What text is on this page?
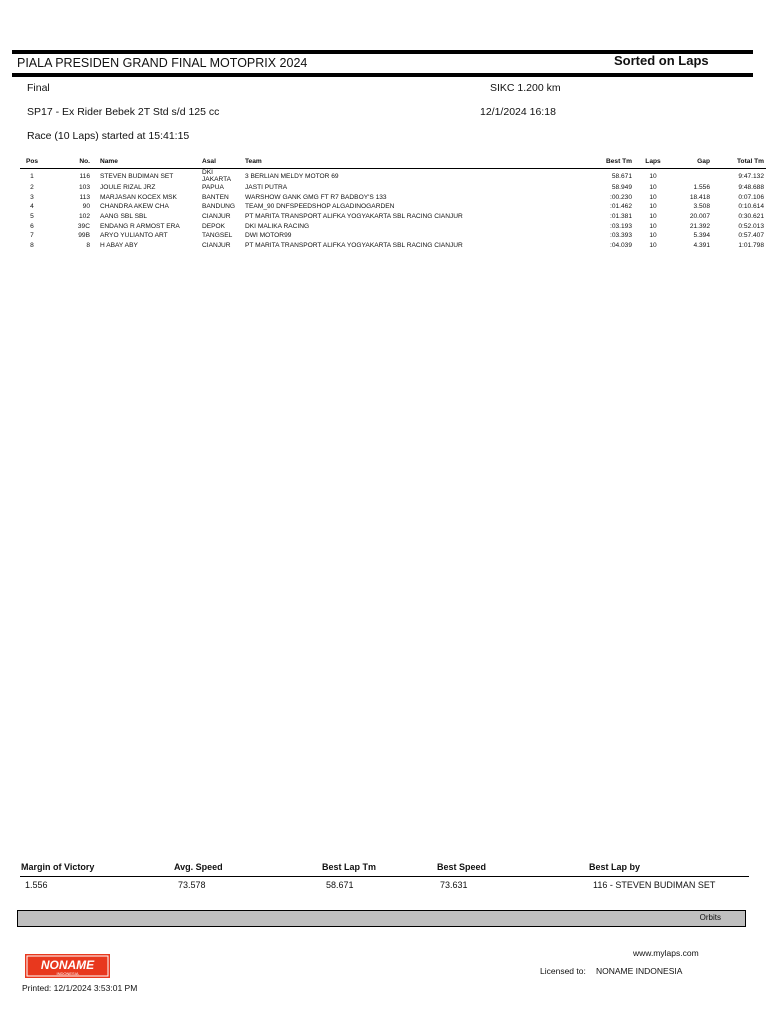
PIALA PRESIDEN GRAND FINAL MOTOPRIX 2024	Sorted on Laps
Final	SIKC 1.200 km
SP17 - Ex Rider Bebek 2T Std s/d 125 cc	12/1/2024 16:18
Race (10 Laps) started at 15:41:15
Pos	No.	Name	Asal	Team	Best Tm	Laps	Gap	Total Tm
1	116	STEVEN BUDIMAN SET	DKI JAKARTA	3 BERLIAN MELDY MOTOR 69	58.671	10		9:47.132
2	103	JOULE RIZAL JRZ	PAPUA	JASTI PUTRA	58.949	10	1.556	9:48.688
3	113	MARJASAN KOCEX MSK	BANTEN	WARSHOW GANK GMG FT R7 BADBOY'S 133	:00.230	10	18.418	0:07.106
4	90	CHANDRA AKEW CHA	BANDUNG	TEAM_90 DNFSPEEDSHOP ALGADINOGARDEN	:01.462	10	3.508	0:10.614
5	102	AANG SBL SBL	CIANJUR	PT MARITA TRANSPORT ALIFKA YOGYAKARTA SBL RACING CIANJUR	:01.381	10	20.007	0:30.621
6	39C	ENDANG R ARMOST ERA	DEPOK	DKI MALIKA RACING	:03.193	10	21.392	0:52.013
7	99B	ARYO YULIANTO ART	TANGSEL	DWI MOTOR99	:03.393	10	5.394	0:57.407
8	8	H ABAY ABY	CIANJUR	PT MARITA TRANSPORT ALIFKA YOGYAKARTA SBL RACING CIANJUR	:04.039	10	4.391	1:01.798
Margin of Victory	Avg. Speed	Best Lap Tm	Best Speed	Best Lap by
1.556	73.578	58.671	73.631	116 - STEVEN BUDIMAN SET
Orbits
www.mylaps.com
Licensed to: NONAME INDONESIA
NONAME
INDONESIA
Printed: 12/1/2024 3:53:01 PM
